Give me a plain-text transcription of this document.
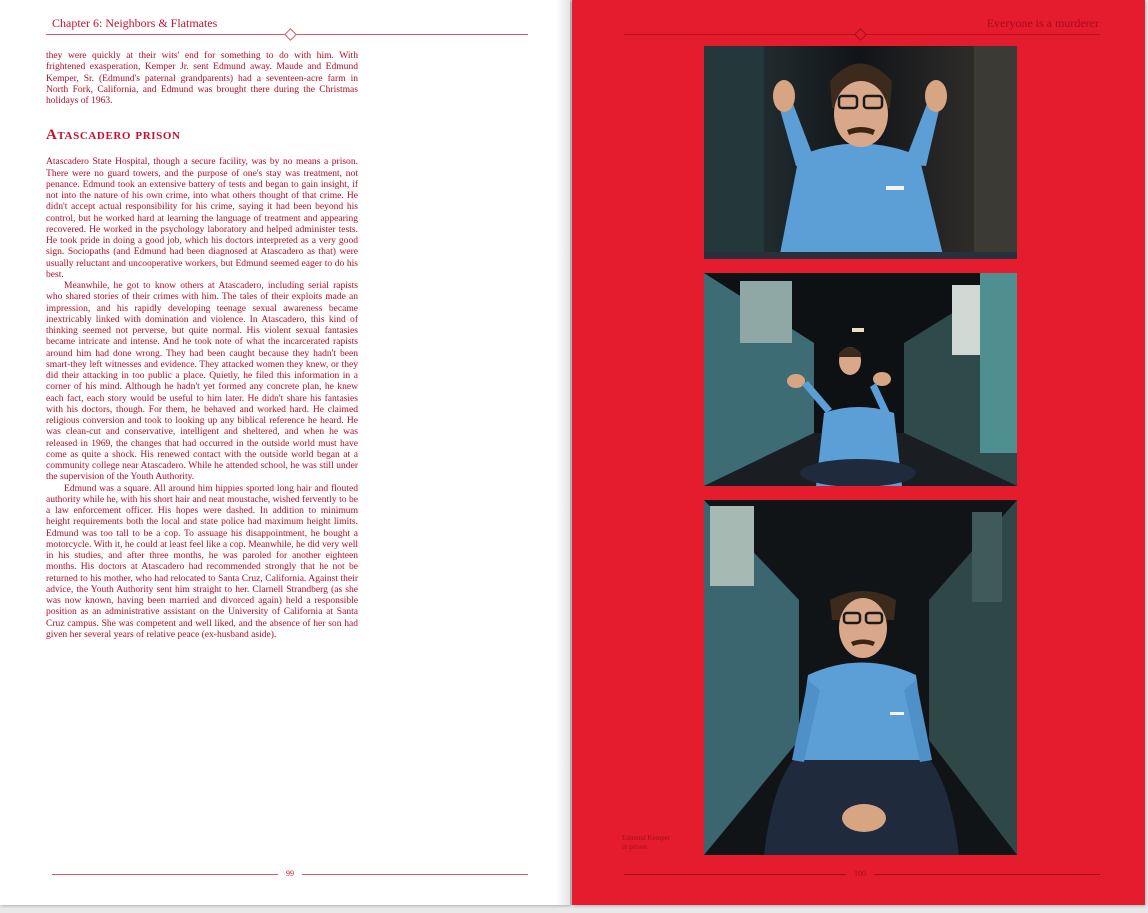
Chapter 6: Neighbors & Flatmates

they were quickly at their wits' end for something to do with him. With frightened exasperation, Kemper Jr. sent Edmund away. Maude and Edmund Kemper, Sr. (Edmund's paternal grandparents) had a seventeen-acre farm in North Fork, California, and Edmund was brought there during the Christmas holidays of 1963.

Atascadero prison

Atascadero State Hospital, though a secure facility, was by no means a prison. There were no guard towers, and the purpose of one's stay was treatment, not penance. Edmund took an extensive battery of tests and began to gain insight, if not into the nature of his own crime, into what others thought of that crime. He didn't accept actual responsibility for his crime, saying it had been beyond his control, but he worked hard at learning the language of treatment and appearing recovered. He worked in the psychology laboratory and helped administer tests. He took pride in doing a good job, which his doctors interpreted as a very good sign. Sociopaths (and Edmund had been diagnosed at Atascadero as that) were usually reluctant and uncooperative workers, but Edmund seemed eager to do his best.

Meanwhile, he got to know others at Atascadero, including serial rapists who shared stories of their crimes with him. The tales of their exploits made an impression, and his rapidly developing teenage sexual awareness became inextricably linked with domination and violence. In Atascadero, this kind of thinking seemed not perverse, but quite normal. His violent sexual fantasies became intricate and intense. And he took note of what the incarcerated rapists around him had done wrong. They had been caught because they hadn't been smart-they left witnesses and evidence. They attacked women they knew, or they did their attacking in too public a place. Quietly, he filed this information in a corner of his mind. Although he hadn't yet formed any concrete plan, he knew each fact, each story would be useful to him later. He didn't share his fantasies with his doctors, though. For them, he behaved and worked hard. He claimed religious conversion and took to looking up any biblical reference he heard. He was clean-cut and conservative, intelligent and sheltered, and when he was released in 1969, the changes that had occurred in the outside world must have come as quite a shock. His renewed contact with the outside world began at a community college near Atascadero. While he attended school, he was still under the supervision of the Youth Authority.

Edmund was a square. All around him hippies sported long hair and flouted authority while he, with his short hair and neat moustache, wished fervently to be a law enforcement officer. His hopes were dashed. In addition to minimum height requirements both the local and state police had maximum height limits. Edmund was too tall to be a cop. To assuage his disappointment, he bought a motorcycle. With it, he could at least feel like a cop. Meanwhile, he did very well in his studies, and after three months, he was paroled for another eighteen months. His doctors at Atascadero had recommended strongly that he not be returned to his mother, who had relocated to Santa Cruz, California. Against their advice, the Youth Authority sent him straight to her. Clarnell Strandberg (as she was now known, having been married and divorced again) held a responsible position as an administrative assistant on the University of California at Santa Cruz campus. She was competent and well liked, and the absence of her son had given her several years of relative peace (ex-husband aside).

99
Everyone is a murderer
Edmund Kemper
in prison
100
